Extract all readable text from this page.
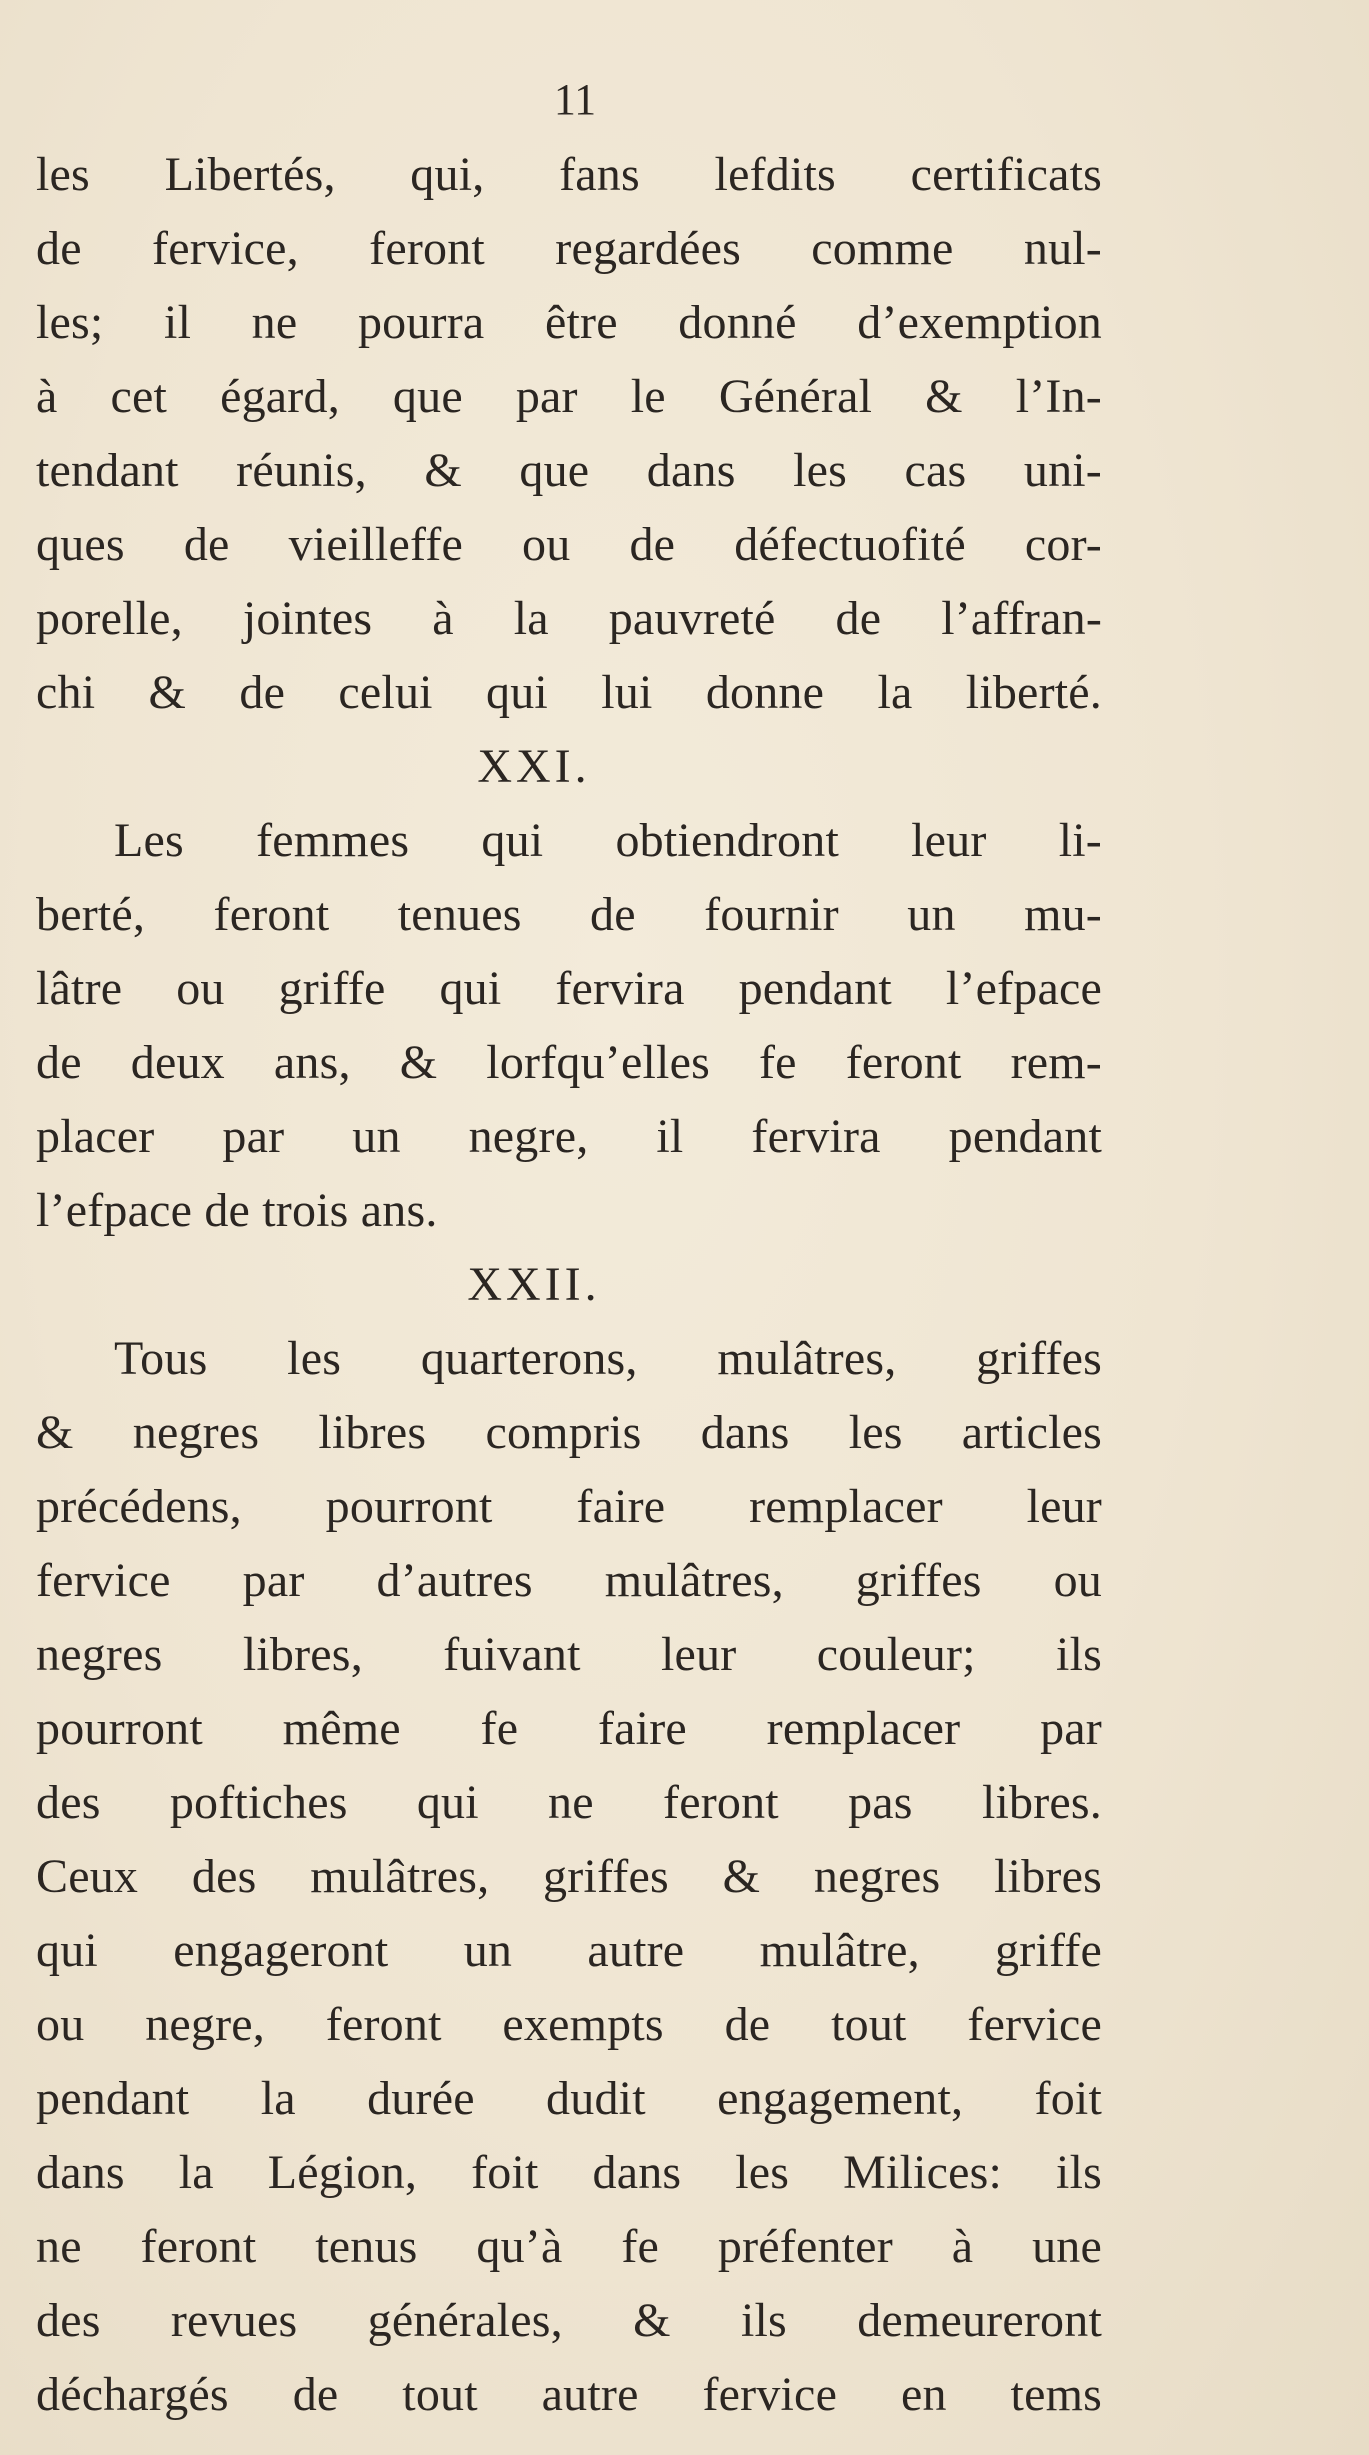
11
les Libertés, qui, fans lefdits certificats
de fervice, feront regardées comme nul-
les; il ne pourra être donné d’exemption
à cet égard, que par le Général & l’In-
tendant réunis, & que dans les cas uni-
ques de vieilleffe ou de défectuofité cor-
porelle, jointes à la pauvreté de l’affran-
chi & de celui qui lui donne la liberté.
XXI.
Les femmes qui obtiendront leur li-
berté, feront tenues de fournir un mu-
lâtre ou griffe qui fervira pendant l’efpace
de deux ans, & lorfqu’elles fe feront rem-
placer par un negre, il fervira pendant
l’efpace de trois ans.
XXII.
Tous les quarterons, mulâtres, griffes
& negres libres compris dans les articles
précédens, pourront faire remplacer leur
fervice par d’autres mulâtres, griffes ou
negres libres, fuivant leur couleur; ils
pourront même fe faire remplacer par
des poftiches qui ne feront pas libres.
Ceux des mulâtres, griffes & negres libres
qui engageront un autre mulâtre, griffe
ou negre, feront exempts de tout fervice
pendant la durée dudit engagement, foit
dans la Légion, foit dans les Milices: ils
ne feront tenus qu’à fe préfenter à une
des revues générales, & ils demeureront
déchargés de tout autre fervice en tems
